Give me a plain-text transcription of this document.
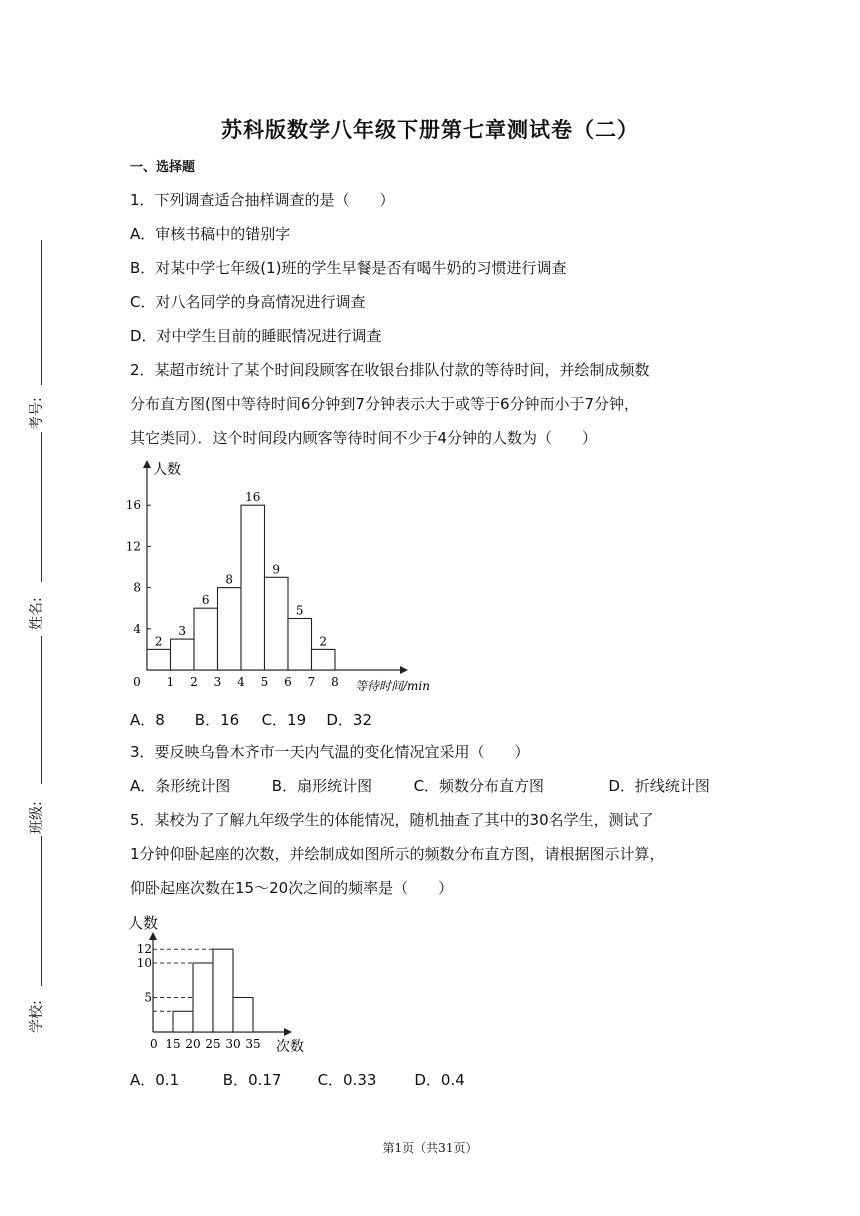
考号:
姓名:
班级:
学校:
苏科版数学八年级下册第七章测试卷（二）
一、选择题
1．下列调查适合抽样调查的是（　　）
A．审核书稿中的错别字
B．对某中学七年级(1)班的学生早餐是否有喝牛奶的习惯进行调查
C．对八名同学的身高情况进行调查
D．对中学生目前的睡眠情况进行调查
2．某超市统计了某个时间段顾客在收银台排队付款的等待时间，并绘制成频数
分布直方图(图中等待时间6分钟到7分钟表示大于或等于6分钟而小于7分钟，
其它类同）．这个时间段内顾客等待时间不少于4分钟的人数为（　　）
人数
等待时间/min
4
8
12
16
0 1 2 3 4 5 6 7 8
2
3
6
8
16
9
5
2
A．8 B．16 C．19 D．32
3．要反映乌鲁木齐市一天内气温的变化情况宜采用（　　）
A．条形统计图	B．扇形统计图	C．频数分布直方图	D．折线统计图
5．某校为了了解九年级学生的体能情况，随机抽查了其中的30名学生，测试了
1分钟仰卧起座的次数，并绘制成如图所示的频数分布直方图，请根据图示计算，
仰卧起座次数在15～20次之间的频率是（　　）
人数
次数
0
5
10
12
15 20 25 30 35
A．0.1	B．0.17 C．0.33	D．0.4
第1页（共31页）
